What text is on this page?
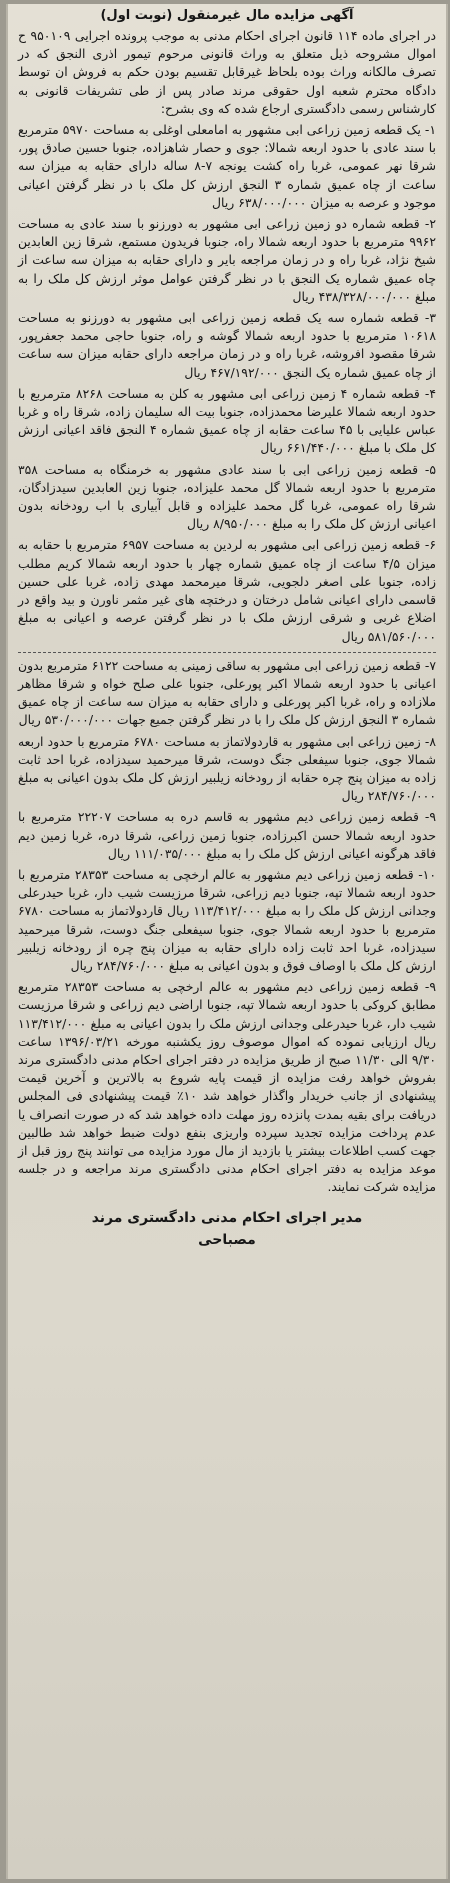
آگهی مزایده مال غیرمنقول (نوبت اول)

در اجرای ماده ۱۱۴ قانون اجرای احکام مدنی به موجب پرونده اجرایی ۹۵۰۱۰۹ ح اموال مشروحه ذیل متعلق به وراث قانونی مرحوم تیمور اذری النجق که در تصرف مالکانه وراث بوده بلحاظ غیرقابل تقسیم بودن حکم به فروش ان توسط دادگاه محترم شعبه اول حقوقی مرند صادر پس از طی تشریفات قانونی به کارشناس رسمی دادگستری ارجاع شده که وی بشرح:

۱- یک قطعه زمین زراعی ابی مشهور به امامعلی اوغلی به مساحت ۵۹۷۰ مترمربع با سند عادی با حدود اربعه شمالا: جوی و حصار شاهزاده، جنوبا حسین صادق پور، شرقا نهر عمومی، غربا راه کشت یونجه ۷-۸ ساله دارای حقابه به میزان سه ساعت از چاه عمیق شماره ۳ النجق ارزش کل ملک با در نظر گرفتن اعیانی موجود و عرصه به میزان ۶۳۸/۰۰۰/۰۰۰ ریال

۲- قطعه شماره دو زمین زراعی ابی مشهور به دورزنو با سند عادی به مساحت ۹۹۶۲ مترمربع با حدود اربعه شمالا راه، جنوبا فریدون مستمع، شرقا زین العابدین شیخ نژاد، غربا راه و در زمان مراجعه بایر و دارای حقابه به میزان سه ساعت از چاه عمیق شماره یک النجق با در نظر گرفتن عوامل موثر ارزش کل ملک را به مبلغ ۴۳۸/۳۲۸/۰۰۰/۰۰۰ ریال

۳- قطعه شماره سه یک قطعه زمین زراعی ابی مشهور به دورزنو به مساحت ۱۰۶۱۸ مترمربع با حدود اربعه شمالا گوشه و راه، جنوبا حاجی محمد جعفرپور، شرقا مقصود افروشه، غربا راه و در زمان مراجعه دارای حقابه میزان سه ساعت از چاه عمیق شماره یک النجق ۴۶۷/۱۹۲/۰۰۰ ریال

۴- قطعه شماره ۴ زمین زراعی ابی مشهور به کلن به مساحت ۸۲۶۸ مترمربع با حدود اربعه شمالا علیرضا محمدزاده، جنوبا بیت اله سلیمان زاده، شرقا راه و غربا عباس علیایی با ۴۵ ساعت حقابه از چاه عمیق شماره ۴ النجق فاقد اعیانی ارزش کل ملک با مبلغ ۶۶۱/۴۴۰/۰۰۰ ریال

۵- قطعه زمین زراعی ابی با سند عادی مشهور به خرمنگاه به مساحت ۳۵۸ مترمربع با حدود اربعه شمالا گل محمد علیزاده، جنوبا زین العابدین سیدزادگان، شرقا راه عمومی، غربا گل محمد علیزاده و قابل آبیاری با اب رودخانه بدون اعیانی ارزش کل ملک را به مبلغ ۸/۹۵۰/۰۰۰ ریال

۶- قطعه زمین زراعی ابی مشهور به لردین به مساحت ۶۹۵۷ مترمربع با حقابه به میزان ۴/۵ ساعت از چاه عمیق شماره چهار با حدود اربعه شمالا کریم مطلب زاده، جنوبا علی اصغر دلجویی، شرقا میرمحمد مهدی زاده، غربا علی حسین قاسمی دارای اعیانی شامل درختان و درختچه های غیر مثمر ناورن و بید واقع در اضلاع غربی و شرقی ارزش ملک با در نظر گرفتن عرصه و اعیانی به مبلغ ۵۸۱/۵۶۰/۰۰۰ ریال

۷- قطعه زمین زراعی ابی مشهور به ساقی زمینی به مساحت ۶۱۲۲ مترمربع بدون اعیانی با حدود اربعه شمالا اکبر پورعلی، جنوبا علی صلح خواه و شرقا مظاهر ملازاده و راه، غربا اکبر پورعلی و دارای حقابه به میزان سه ساعت از چاه عمیق شماره ۳ النجق ارزش کل ملک را با در نظر گرفتن جمیع جهات ۵۳۰/۰۰۰/۰۰۰ ریال

۸- زمین زراعی ابی مشهور به قاردولاتماز به مساحت ۶۷۸۰ مترمربع با حدود اربعه شمالا جوی، جنوبا سیفعلی جنگ دوست، شرقا میرحمید سیدزاده، غربا احد ثابت زاده به میزان پنج چره حقابه از رودخانه زیلبیر ارزش کل ملک بدون اعیانی به مبلغ ۲۸۴/۷۶۰/۰۰۰ ریال

۹- قطعه زمین زراعی دیم مشهور به قاسم دره به مساحت ۲۲۲۰۷ مترمربع با حدود اربعه شمالا حسن اکبرزاده، جنوبا زمین زراعی، شرقا دره، غربا زمین دیم فاقد هرگونه اعیانی ارزش کل ملک را به مبلغ ۱۱۱/۰۳۵/۰۰۰ ریال

۱۰- قطعه زمین زراعی دیم مشهور به عالم ارخچی به مساحت ۲۸۳۵۳ مترمربع با حدود اربعه شمالا تپه، جنوبا دیم زراعی، شرقا مرزیست شیب دار، غربا حیدرعلی وجدانی ارزش کل ملک را به مبلغ ۱۱۳/۴۱۲/۰۰۰ ریال قاردولاتماز به مساحت ۶۷۸۰ مترمربع با حدود اربعه شمالا جوی، جنوبا سیفعلی جنگ دوست، شرقا میرحمید سیدزاده، غربا احد ثابت زاده دارای حقابه به میزان پنج چره از رودخانه زیلبیر ارزش کل ملک با اوصاف فوق و بدون اعیانی به مبلغ ۲۸۴/۷۶۰/۰۰۰ ریال

۹- قطعه زمین زراعی دیم مشهور به عالم ارخچی به مساحت ۲۸۳۵۳ مترمربع مطابق کروکی با حدود اربعه شمالا تپه، جنوبا اراضی دیم زراعی و شرقا مرزیست شیب دار، غربا حیدرعلی وجدانی ارزش ملک را بدون اعیانی به مبلغ ۱۱۳/۴۱۲/۰۰۰ ریال ارزیابی نموده که اموال موصوف روز یکشنبه مورخه ۱۳۹۶/۰۳/۲۱ ساعت ۹/۳۰ الی ۱۱/۳۰ صبح از طریق مزایده در دفتر اجرای احکام مدنی دادگستری مرند بفروش خواهد رفت مزایده از قیمت پایه شروع به بالاترین و آخرین قیمت پیشنهادی از جانب خریدار واگذار خواهد شد ۱۰٪ قیمت پیشنهادی فی المجلس دریافت برای بقیه بمدت پانزده روز مهلت داده خواهد شد که در صورت انصراف یا عدم پرداخت مزایده تجدید سپرده واریزی بنفع دولت ضبط خواهد شد طالبین جهت کسب اطلاعات بیشتر یا بازدید از مال مورد مزایده می توانند پنج روز قبل از موعد مزایده به دفتر اجرای احکام مدنی دادگستری مرند مراجعه و در جلسه مزایده شرکت نمایند.

مدیر اجرای احکام مدنی دادگستری مرند
مصباحی
